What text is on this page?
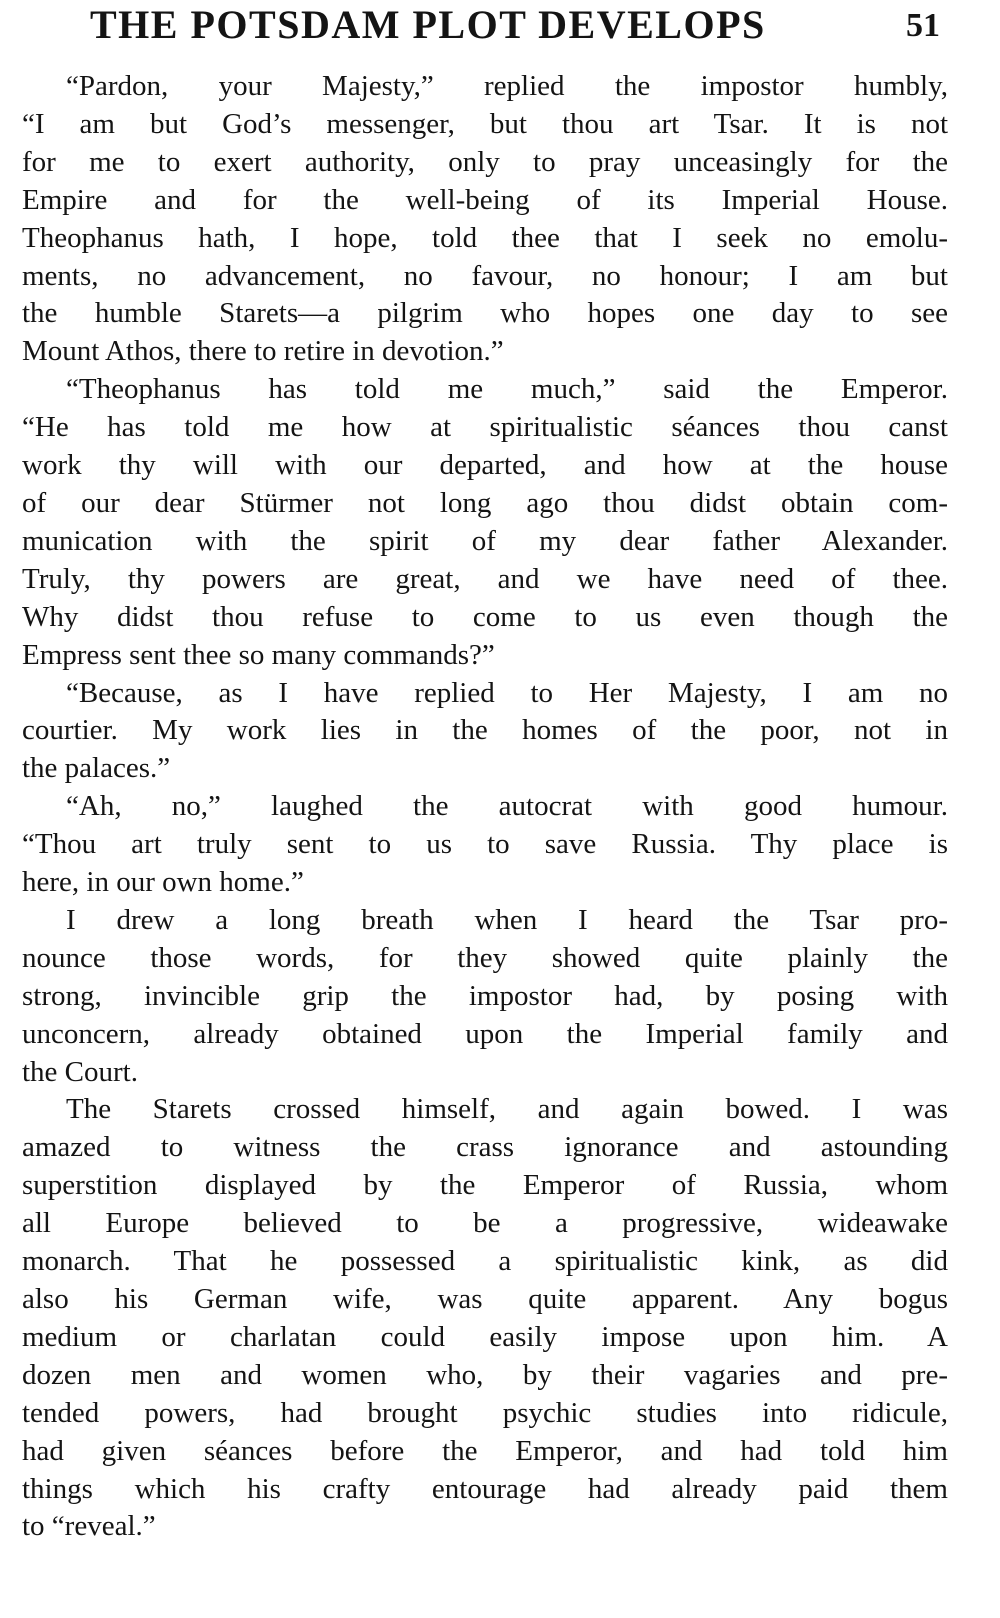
THE POTSDAM PLOT DEVELOPS	51

“Pardon, your Majesty,” replied the impostor humbly,
“I am but God’s messenger, but thou art Tsar. It is not
for me to exert authority, only to pray unceasingly for the
Empire and for the well-being of its Imperial House.
Theophanus hath, I hope, told thee that I seek no emolu-
ments, no advancement, no favour, no honour; I am but
the humble Starets—a pilgrim who hopes one day to see
Mount Athos, there to retire in devotion.”

“Theophanus has told me much,” said the Emperor.
“He has told me how at spiritualistic séances thou canst
work thy will with our departed, and how at the house
of our dear Stürmer not long ago thou didst obtain com-
munication with the spirit of my dear father Alexander.
Truly, thy powers are great, and we have need of thee.
Why didst thou refuse to come to us even though the
Empress sent thee so many commands?”

“Because, as I have replied to Her Majesty, I am no
courtier. My work lies in the homes of the poor, not in
the palaces.”

“Ah, no,” laughed the autocrat with good humour.
“Thou art truly sent to us to save Russia. Thy place is
here, in our own home.”

I drew a long breath when I heard the Tsar pro-
nounce those words, for they showed quite plainly the
strong, invincible grip the impostor had, by posing with
unconcern, already obtained upon the Imperial family and
the Court.

The Starets crossed himself, and again bowed. I was
amazed to witness the crass ignorance and astounding
superstition displayed by the Emperor of Russia, whom
all Europe believed to be a progressive, wideawake
monarch. That he possessed a spiritualistic kink, as did
also his German wife, was quite apparent. Any bogus
medium or charlatan could easily impose upon him. A
dozen men and women who, by their vagaries and pre-
tended powers, had brought psychic studies into ridicule,
had given séances before the Emperor, and had told him
things which his crafty entourage had already paid them
to “reveal.”
